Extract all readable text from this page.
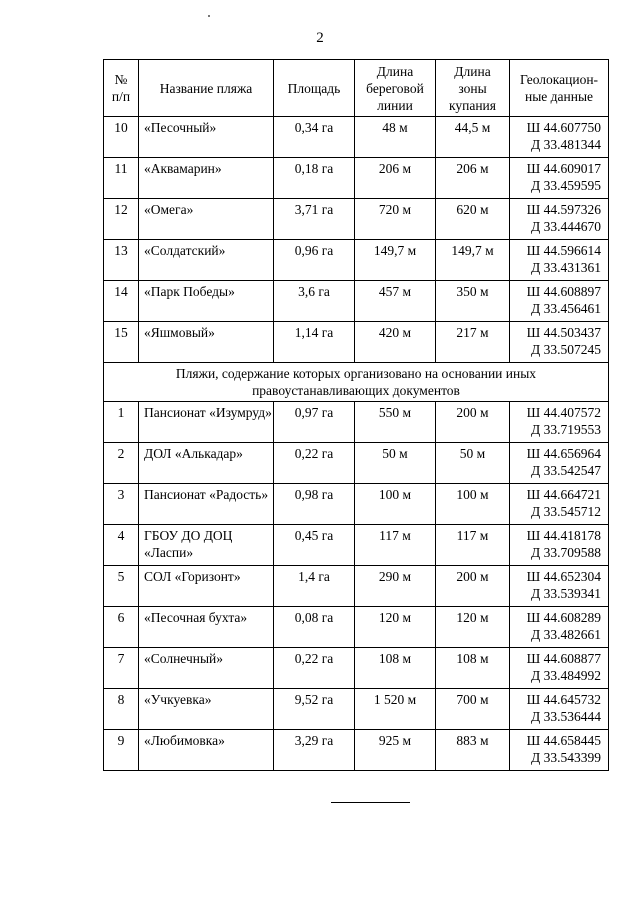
2
№ п/п	Название пляжа	Площадь	Длина береговой линии	Длина зоны купания	Геолокацион-ные данные
10	«Песочный»	0,34 га	48 м	44,5 м	Ш 44.607750
Д 33.481344

11	«Аквамарин»	0,18 га	206 м	206 м	Ш 44.609017
Д 33.459595

12	«Омега»	3,71 га	720 м	620 м	Ш 44.597326
Д 33.444670

13	«Солдатский»	0,96 га	149,7 м	149,7 м	Ш 44.596614
Д 33.431361

14	«Парк Победы»	3,6 га	457 м	350 м	Ш 44.608897
Д 33.456461

15	«Яшмовый»	1,14 га	420 м	217 м	Ш 44.503437
Д 33.507245

Пляжи, содержание которых организовано на основании иных правоустанавливающих документов					
1	Пансионат «Изумруд»	0,97 га	550 м	200 м	Ш 44.407572
Д 33.719553

2	ДОЛ «Алькадар»	0,22 га	50 м	50 м	Ш 44.656964
Д 33.542547

3	Пансионат «Радость»	0,98 га	100 м	100 м	Ш 44.664721
Д 33.545712

4	ГБОУ ДО ДОЦ «Ласпи»	0,45 га	117 м	117 м	Ш 44.418178
Д 33.709588

5	СОЛ «Горизонт»	1,4 га	290 м	200 м	Ш 44.652304
Д 33.539341

6	«Песочная бухта»	0,08 га	120 м	120 м	Ш 44.608289
Д 33.482661

7	«Солнечный»	0,22 га	108 м	108 м	Ш 44.608877
Д 33.484992

8	«Учкуевка»	9,52 га	1 520 м	700 м	Ш 44.645732
Д 33.536444

9	«Любимовка»	3,29 га	925 м	883 м	Ш 44.658445
Д 33.543399
